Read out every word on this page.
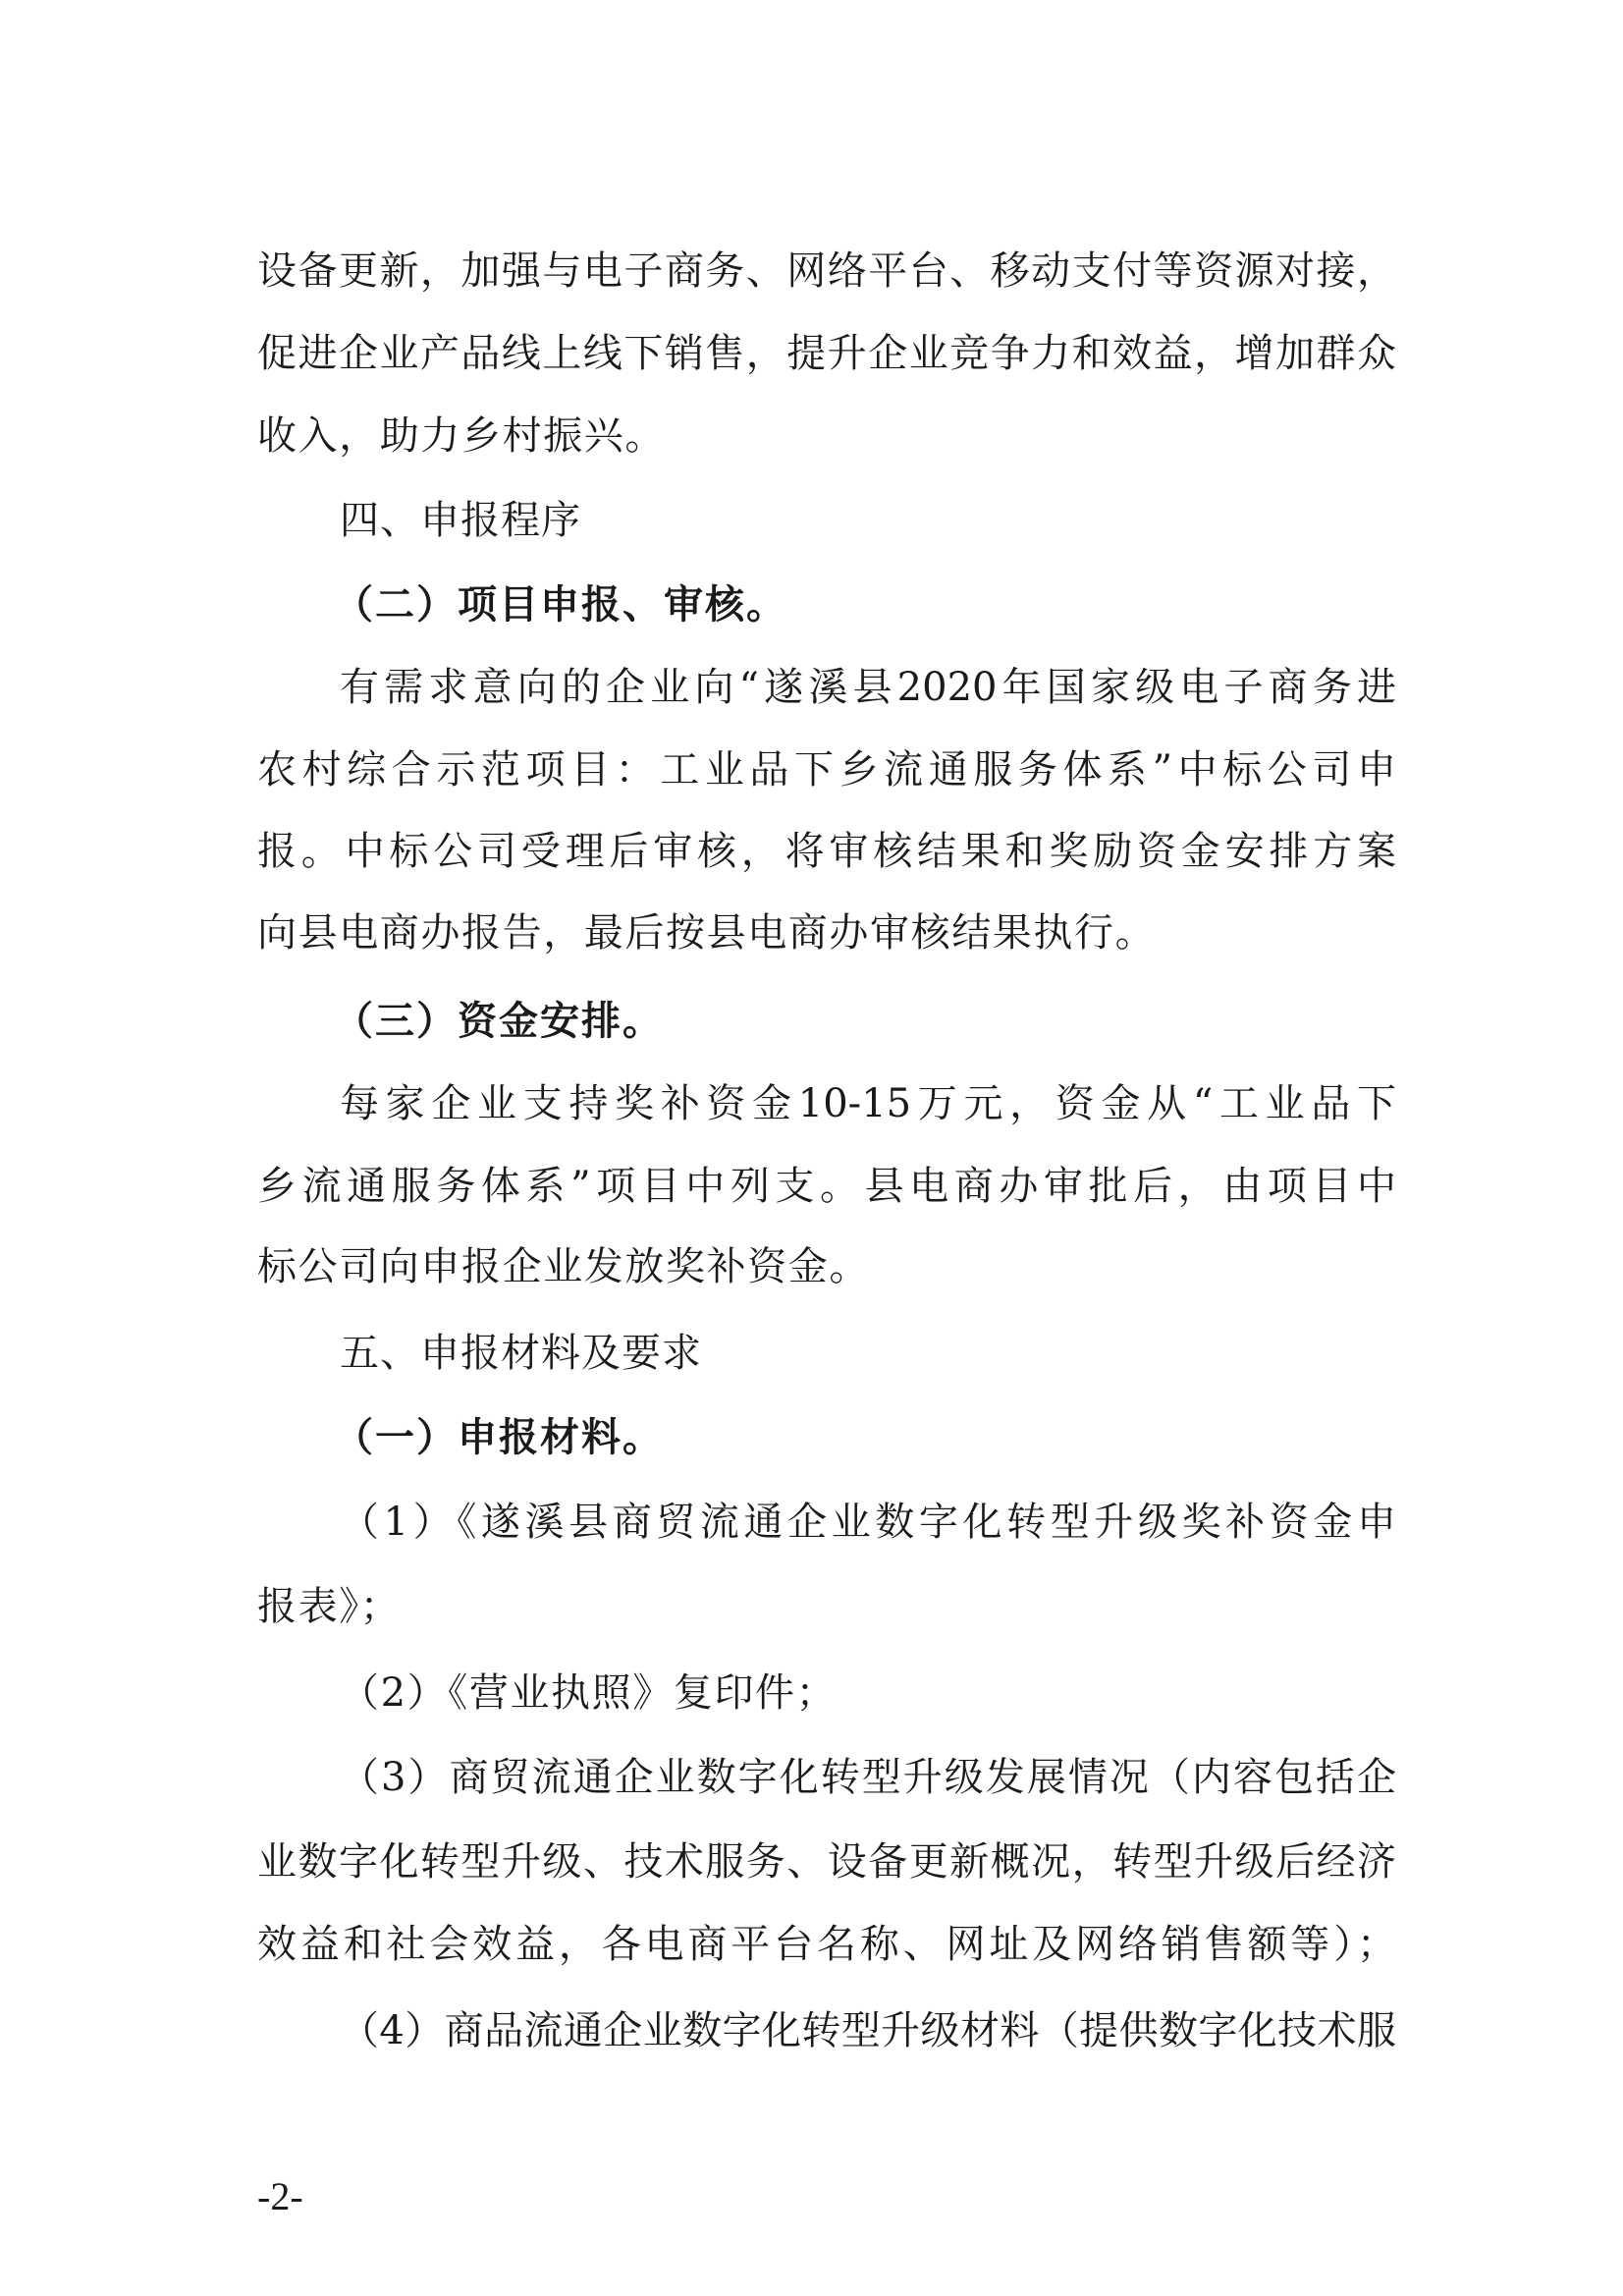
设备更新，加强与电子商务、网络平台、移动支付等资源对接，
促进企业产品线上线下销售，提升企业竞争力和效益，增加群众
收入，助力乡村振兴。
四、申报程序
（二）项目申报、审核。
有需求意向的企业向“遂溪县2020年国家级电子商务进
农村综合示范项目：工业品下乡流通服务体系”中标公司申
报。中标公司受理后审核，将审核结果和奖励资金安排方案
向县电商办报告，最后按县电商办审核结果执行。
（三）资金安排。
每家企业支持奖补资金10-15万元，资金从“工业品下
乡流通服务体系”项目中列支。县电商办审批后，由项目中
标公司向申报企业发放奖补资金。
五、申报材料及要求
（一）申报材料。
（1）《遂溪县商贸流通企业数字化转型升级奖补资金申
报表》；
（2）《营业执照》复印件；
（3）商贸流通企业数字化转型升级发展情况（内容包括企
业数字化转型升级、技术服务、设备更新概况，转型升级后经济
效益和社会效益，各电商平台名称、网址及网络销售额等）；
（4）商品流通企业数字化转型升级材料（提供数字化技术服
-2-
